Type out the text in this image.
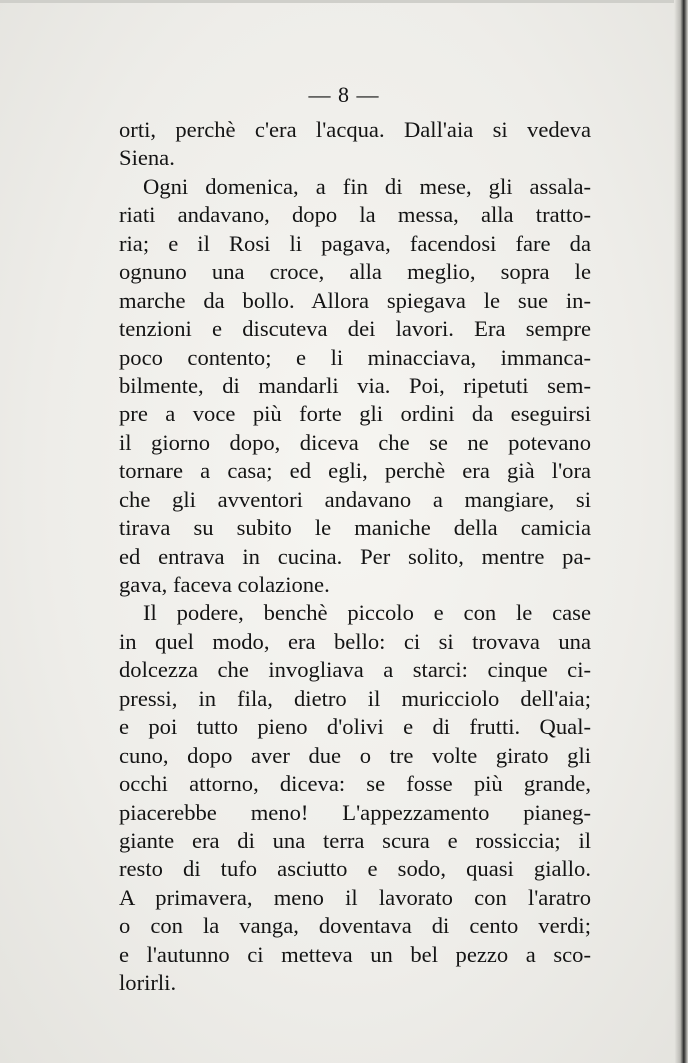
— 8 —
orti, perchè c'era l'acqua. Dall'aia si vedeva
Siena.
Ogni domenica, a fin di mese, gli assala-
riati andavano, dopo la messa, alla tratto-
ria; e il Rosi li pagava, facendosi fare da
ognuno una croce, alla meglio, sopra le
marche da bollo. Allora spiegava le sue in-
tenzioni e discuteva dei lavori. Era sempre
poco contento; e li minacciava, immanca-
bilmente, di mandarli via. Poi, ripetuti sem-
pre a voce più forte gli ordini da eseguirsi
il giorno dopo, diceva che se ne potevano
tornare a casa; ed egli, perchè era già l'ora
che gli avventori andavano a mangiare, si
tirava su subito le maniche della camicia
ed entrava in cucina. Per solito, mentre pa-
gava, faceva colazione.
Il podere, benchè piccolo e con le case
in quel modo, era bello: ci si trovava una
dolcezza che invogliava a starci: cinque ci-
pressi, in fila, dietro il muricciolo dell'aia;
e poi tutto pieno d'olivi e di frutti. Qual-
cuno, dopo aver due o tre volte girato gli
occhi attorno, diceva: se fosse più grande,
piacerebbe meno! L'appezzamento pianeg-
giante era di una terra scura e rossiccia; il
resto di tufo asciutto e sodo, quasi giallo.
A primavera, meno il lavorato con l'aratro
o con la vanga, doventava di cento verdi;
e l'autunno ci metteva un bel pezzo a sco-
lorirli.
